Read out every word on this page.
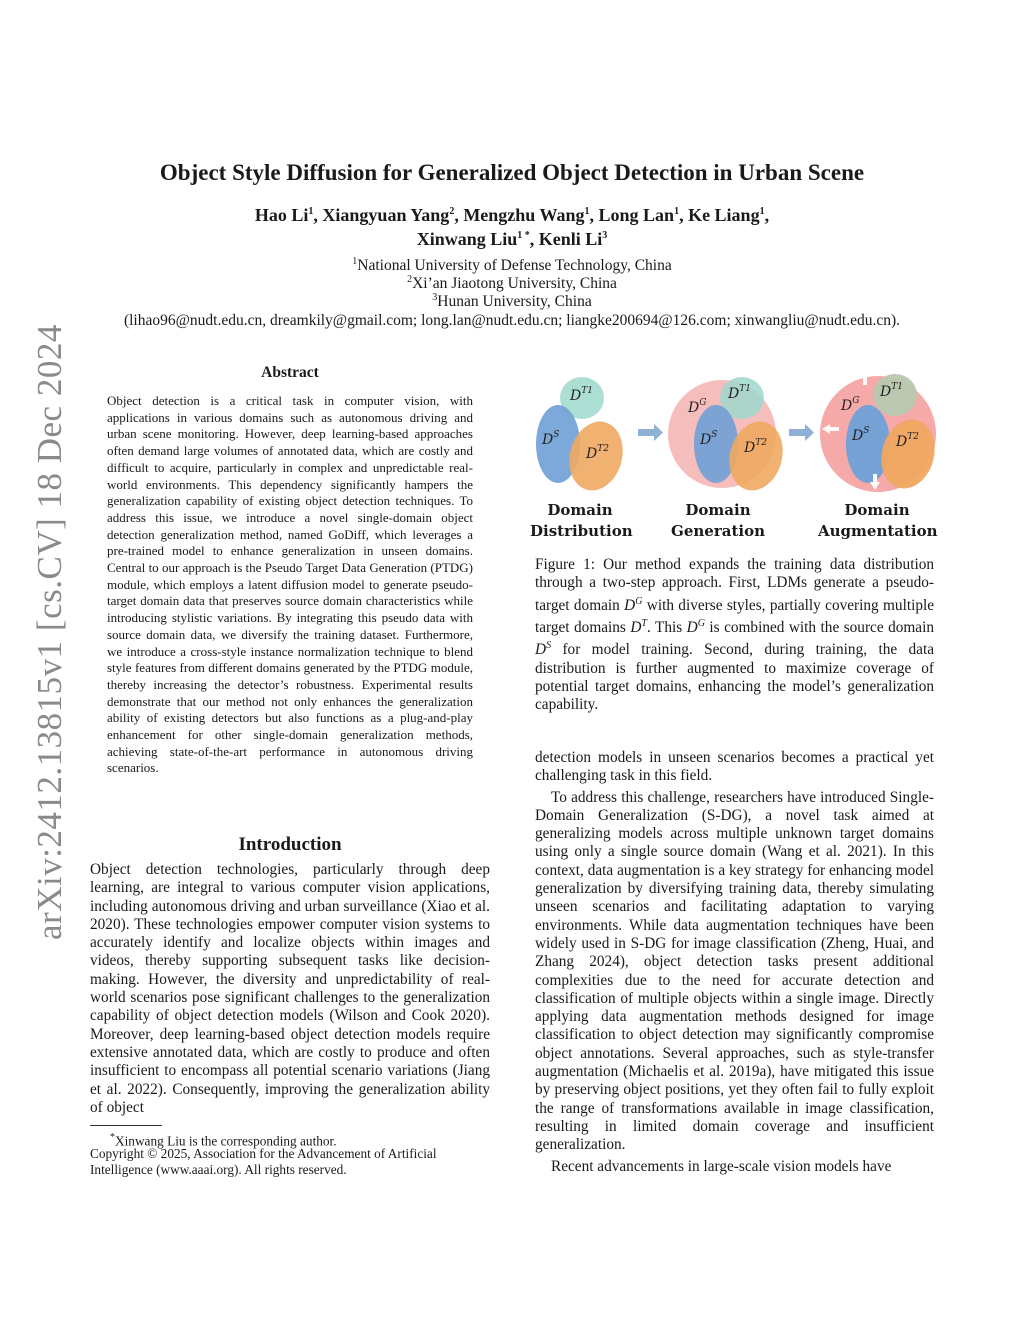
arXiv:2412.13815v1 [cs.CV] 18 Dec 2024
Object Style Diffusion for Generalized Object Detection in Urban Scene
Hao Li$^1$, Xiangyuan Yang$^2$, Mengzhu Wang$^1$, Long Lan$^1$, Ke Liang$^1$,
Xinwang Liu$^{1 *}$, Kenli Li$^3$
$^1$National University of Defense Technology, China
$^2$Xi’an Jiaotong University, China
$^3$Hunan University, China
(lihao96@nudt.edu.cn, dreamkily@gmail.com; long.lan@nudt.edu.cn; liangke200694@126.com; xinwangliu@nudt.edu.cn).
Abstract
Object detection is a critical task in computer vision, with applications in various domains such as autonomous driving and urban scene monitoring. However, deep learning-based approaches often demand large volumes of annotated data, which are costly and difficult to acquire, particularly in complex and unpredictable real-world environments. This dependency significantly hampers the generalization capability of existing object detection techniques. To address this issue, we introduce a novel single-domain object detection generalization method, named GoDiff, which leverages a pre-trained model to enhance generalization in unseen domains. Central to our approach is the Pseudo Target Data Generation (PTDG) module, which employs a latent diffusion model to generate pseudo-target domain data that preserves source domain characteristics while introducing stylistic variations. By integrating this pseudo data with source domain data, we diversify the training dataset. Furthermore, we introduce a cross-style instance normalization technique to blend style features from different domains generated by the PTDG module, thereby increasing the detector’s robustness. Experimental results demonstrate that our method not only enhances the generalization ability of existing detectors but also functions as a plug-and-play enhancement for other single-domain generalization methods, achieving state-of-the-art performance in autonomous driving scenarios.
Introduction
Object detection technologies, particularly through deep learning, are integral to various computer vision applications, including autonomous driving and urban surveillance (Xiao et al. 2020). These technologies empower computer vision systems to accurately identify and localize objects within images and videos, thereby supporting subsequent tasks like decision-making. However, the diversity and unpredictability of real-world scenarios pose significant challenges to the generalization capability of object detection models (Wilson and Cook 2020). Moreover, deep learning-based object detection models require extensive annotated data, which are costly to produce and often insufficient to encompass all potential scenario variations (Jiang et al. 2022). Consequently, improving the generalization ability of object
*Xinwang Liu is the corresponding author.
Copyright © 2025, Association for the Advancement of Artificial Intelligence (www.aaai.org). All rights reserved.
$D^{T1}$
$D^S$
$D^{T2}$
$D^G$
$D^{T1}$
$D^S$
$D^{T2}$
$D^G$
$D^{T1}$
$D^S$
$D^{T2}$
Domain
Distribution
Domain
Generation
Domain
Augmentation
Figure 1: Our method expands the training data distribution through a two-step approach. First, LDMs generate a pseudo-target domain $D^G$ with diverse styles, partially covering multiple target domains $D^T$. This $D^G$ is combined with the source domain $D^S$ for model training. Second, during training, the data distribution is further augmented to maximize coverage of potential target domains, enhancing the model’s generalization capability.

detection models in unseen scenarios becomes a practical yet challenging task in this field.

To address this challenge, researchers have introduced Single-Domain Generalization (S-DG), a novel task aimed at generalizing models across multiple unknown target domains using only a single source domain (Wang et al. 2021). In this context, data augmentation is a key strategy for enhancing model generalization by diversifying training data, thereby simulating unseen scenarios and facilitating adaptation to varying environments. While data augmentation techniques have been widely used in S-DG for image classification (Zheng, Huai, and Zhang 2024), object detection tasks present additional complexities due to the need for accurate detection and classification of multiple objects within a single image. Directly applying data augmentation methods designed for image classification to object detection may significantly compromise object annotations. Several approaches, such as style-transfer augmentation (Michaelis et al. 2019a), have mitigated this issue by preserving object positions, yet they often fail to fully exploit the range of transformations available in image classification, resulting in limited domain coverage and insufficient generalization.

Recent advancements in large-scale vision models have
